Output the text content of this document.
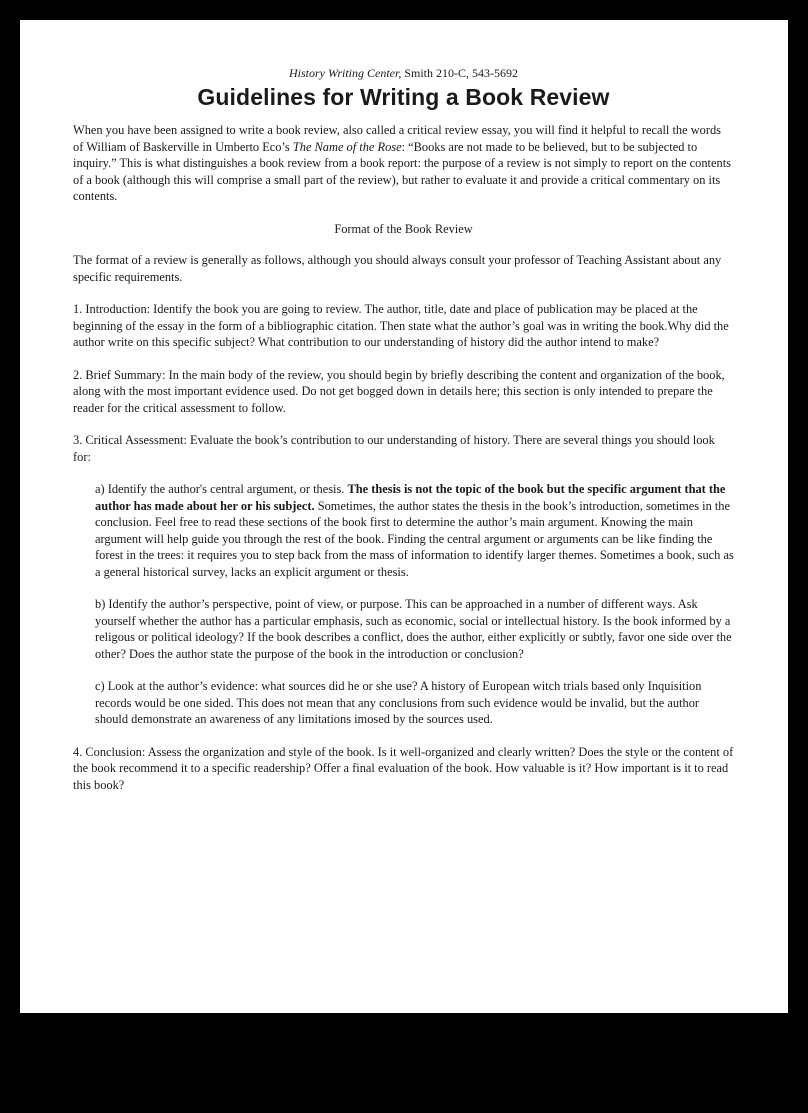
History Writing Center, Smith 210-C, 543-5692
Guidelines for Writing a Book Review

When you have been assigned to write a book review, also called a critical review essay, you will find it helpful to recall the words of William of Baskerville in Umberto Eco’s The Name of the Rose: “Books are not made to be believed, but to be subjected to inquiry.” This is what distinguishes a book review from a book report: the purpose of a review is not simply to report on the contents of a book (although this will comprise a small part of the review), but rather to evaluate it and provide a critical commentary on its contents.

Format of the Book Review

The format of a review is generally as follows, although you should always consult your professor of Teaching Assistant about any specific requirements.

1. Introduction: Identify the book you are going to review. The author, title, date and place of publication may be placed at the beginning of the essay in the form of a bibliographic citation. Then state what the author’s goal was in writing the book.Why did the author write on this specific subject? What contribution to our understanding of history did the author intend to make?

2. Brief Summary: In the main body of the review, you should begin by briefly describing the content and organization of the book, along with the most important evidence used. Do not get bogged down in details here; this section is only intended to prepare the reader for the critical assessment to follow.

3. Critical Assessment: Evaluate the book’s contribution to our understanding of history. There are several things you should look for:

a) Identify the author's central argument, or thesis. The thesis is not the topic of the book but the specific argument that the author has made about her or his subject. Sometimes, the author states the thesis in the book’s introduction, sometimes in the conclusion. Feel free to read these sections of the book first to determine the author’s main argument. Knowing the main argument will help guide you through the rest of the book. Finding the central argument or arguments can be like finding the forest in the trees: it requires you to step back from the mass of information to identify larger themes. Sometimes a book, such as a general historical survey, lacks an explicit argument or thesis.

b) Identify the author’s perspective, point of view, or purpose. This can be approached in a number of different ways. Ask yourself whether the author has a particular emphasis, such as economic, social or intellectual history. Is the book informed by a religous or political ideology? If the book describes a conflict, does the author, either explicitly or subtly, favor one side over the other? Does the author state the purpose of the book in the introduction or conclusion?

c) Look at the author’s evidence: what sources did he or she use? A history of European witch trials based only Inquisition records would be one sided. This does not mean that any conclusions from such evidence would be invalid, but the author should demonstrate an awareness of any limitations imosed by the sources used.

4. Conclusion: Assess the organization and style of the book. Is it well-organized and clearly written? Does the style or the content of the book recommend it to a specific readership? Offer a final evaluation of the book. How valuable is it? How important is it to read this book?
